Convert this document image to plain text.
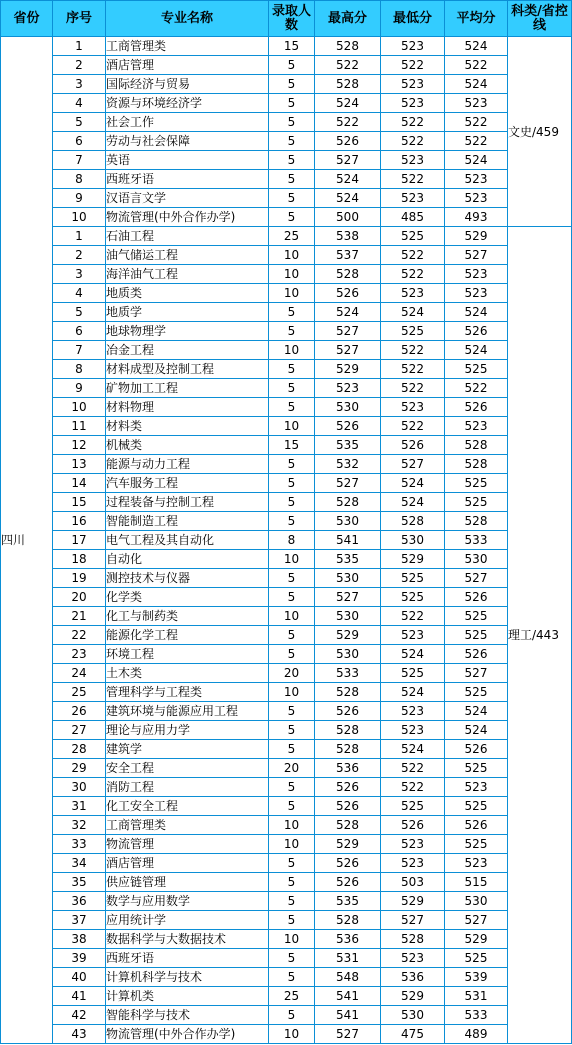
省份	序号	专业名称	录取人数	最高分	最低分	平均分	科类/省控线
四川	1	工商管理类	15	528	523	524	文史/459
	2	酒店管理	5	522	522	522	
	3	国际经济与贸易	5	528	523	524	
	4	资源与环境经济学	5	524	523	523	
	5	社会工作	5	522	522	522	
	6	劳动与社会保障	5	526	522	522	
	7	英语	5	527	523	524	
	8	西班牙语	5	524	522	523	
	9	汉语言文学	5	524	523	523	
	10	物流管理(中外合作办学)	5	500	485	493	
	1	石油工程	25	538	525	529	理工/443
	2	油气储运工程	10	537	522	527	
	3	海洋油气工程	10	528	522	523	
	4	地质类	10	526	523	523	
	5	地质学	5	524	524	524	
	6	地球物理学	5	527	525	526	
	7	冶金工程	10	527	522	524	
	8	材料成型及控制工程	5	529	522	525	
	9	矿物加工工程	5	523	522	522	
	10	材料物理	5	530	523	526	
	11	材料类	10	526	522	523	
	12	机械类	15	535	526	528	
	13	能源与动力工程	5	532	527	528	
	14	汽车服务工程	5	527	524	525	
	15	过程装备与控制工程	5	528	524	525	
	16	智能制造工程	5	530	528	528	
	17	电气工程及其自动化	8	541	530	533	
	18	自动化	10	535	529	530	
	19	测控技术与仪器	5	530	525	527	
	20	化学类	5	527	525	526	
	21	化工与制药类	10	530	522	525	
	22	能源化学工程	5	529	523	525	
	23	环境工程	5	530	524	526	
	24	土木类	20	533	525	527	
	25	管理科学与工程类	10	528	524	525	
	26	建筑环境与能源应用工程	5	526	523	524	
	27	理论与应用力学	5	528	523	524	
	28	建筑学	5	528	524	526	
	29	安全工程	20	536	522	525	
	30	消防工程	5	526	522	523	
	31	化工安全工程	5	526	525	525	
	32	工商管理类	10	528	526	526	
	33	物流管理	10	529	523	525	
	34	酒店管理	5	526	523	523	
	35	供应链管理	5	526	503	515	
	36	数学与应用数学	5	535	529	530	
	37	应用统计学	5	528	527	527	
	38	数据科学与大数据技术	10	536	528	529	
	39	西班牙语	5	531	523	525	
	40	计算机科学与技术	5	548	536	539	
	41	计算机类	25	541	529	531	
	42	智能科学与技术	5	541	530	533	
	43	物流管理(中外合作办学)	10	527	475	489	
